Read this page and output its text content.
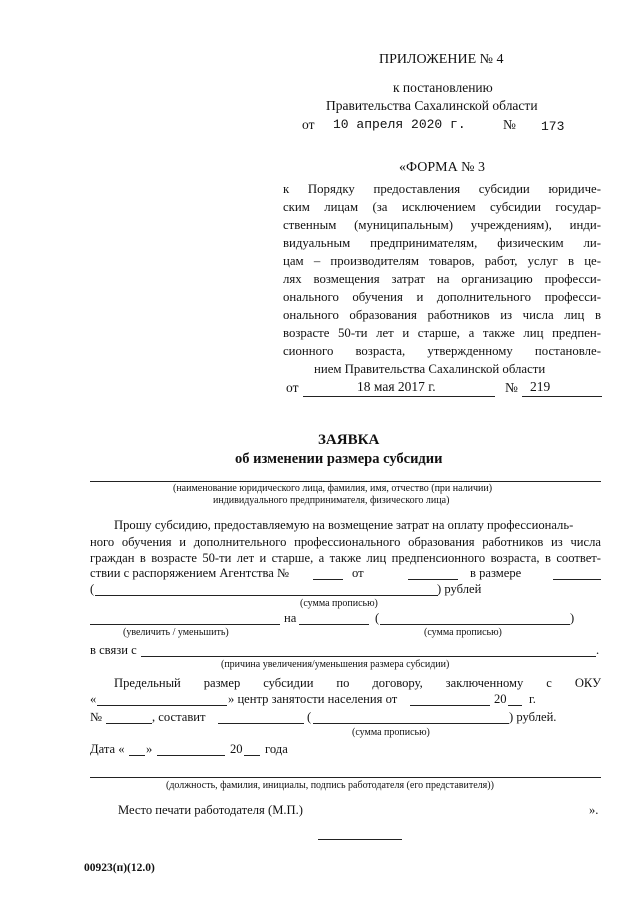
ПРИЛОЖЕНИЕ № 4
к постановлению
Правительства Сахалинской области
от 10 апреля 2020 г.	№ 173
«ФОРМА № 3
к Порядку предоставления субсидии юридиче-
ским лицам (за исключением субсидии государ-
ственным (муниципальным) учреждениям), инди-
видуальным предпринимателям, физическим ли-
цам – производителям товаров, работ, услуг в це-
лях возмещения затрат на организацию професси-
онального обучения и дополнительного професси-
онального образования работников из числа лиц в
возрасте 50-ти лет и старше, а также лиц предпен-
сионного возраста, утвержденному постановле-
нием Правительства Сахалинской области
от	18 мая 2017 г.	№ 219
ЗАЯВКА
об изменении размера субсидии
(наименование юридического лица, фамилия, имя, отчество (при наличии)
индивидуального предпринимателя, физического лица)
Прошу субсидию, предоставляемую на возмещение затрат на оплату профессиональ-
ного обучения и дополнительного профессионального образования работников из числа
граждан в возрасте 50-ти лет и старше, а также лиц предпенсионного возраста, в соответ-
ствии с распоряжением Агентства №	от	в размере
(	) рублей
(сумма прописью)
на	(	)
(увеличить / уменьшить)	(сумма прописью)
в связи с	.
(причина увеличения/уменьшения размера субсидии)
Предельный размер субсидии по договору, заключенному с ОКУ
«	» центр занятости населения от	20 г.
№	, составит	(	) рублей.
(сумма прописью)
Дата « »	20 года
(должность, фамилия, инициалы, подпись работодателя (его представителя))
Место печати работодателя (М.П.)	».
00923(п)(12.0)
